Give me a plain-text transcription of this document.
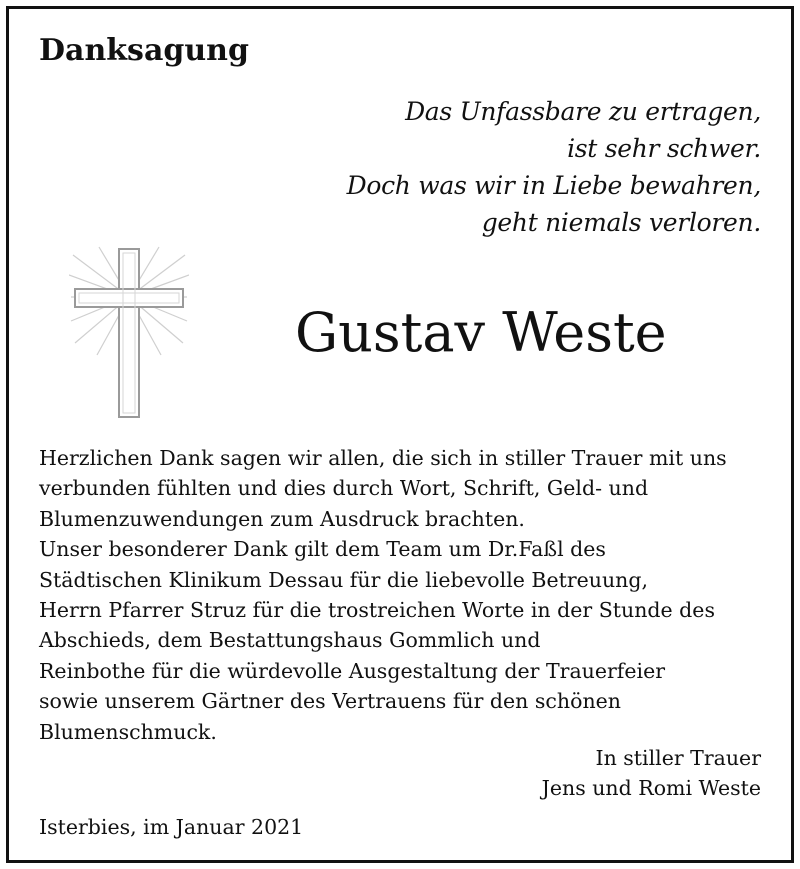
Danksagung
Das Unfassbare zu ertragen,
ist sehr schwer.
Doch was wir in Liebe bewahren,
geht niemals verloren.
Gustav Weste
Herzlichen Dank sagen wir allen, die sich in stiller Trauer mit uns
verbunden fühlten und dies durch Wort, Schrift, Geld- und
Blumenzuwendungen zum Ausdruck brachten.
Unser besonderer Dank gilt dem Team um Dr.Faßl des
Städtischen Klinikum Dessau für die liebevolle Betreuung,
Herrn Pfarrer Struz für die trostreichen Worte in der Stunde des
Abschieds, dem Bestattungshaus Gommlich und
Reinbothe für die würdevolle Ausgestaltung der Trauerfeier
sowie unserem Gärtner des Vertrauens für den schönen
Blumenschmuck.
In stiller Trauer
Jens und Romi Weste
Isterbies, im Januar 2021
